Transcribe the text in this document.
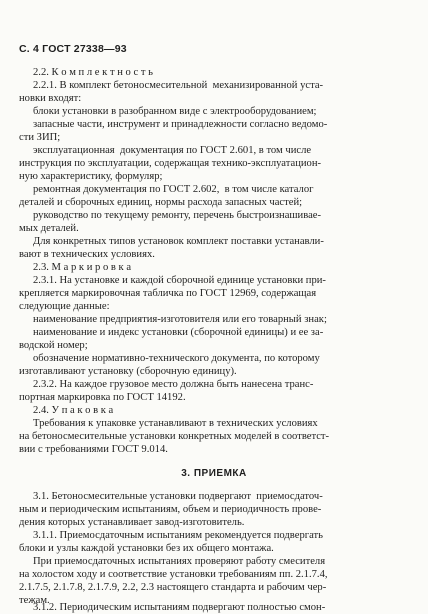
С. 4 ГОСТ 27338—93
2.2. К о м п л е к т н о с т ь
2.2.1. В комплект бетоносмесительной  механизированной уста-
новки входят:
блоки установки в разобранном виде с электрооборудованием;
запасные части, инструмент и принадлежности согласно ведомо-
сти ЗИП;
эксплуатационная  документация по ГОСТ 2.601, в том числе
инструкция по эксплуатации, содержащая технико-эксплуатацион-
ную характеристику, формуляр;
ремонтная документация по ГОСТ 2.602,  в том числе каталог
деталей и сборочных единиц, нормы расхода запасных частей;
руководство по текущему ремонту, перечень быстроизнашивае-
мых деталей.
Для конкретных типов установок комплект поставки устанавли-
вают в технических условиях.
2.3. М а р к и р о в к а
2.3.1. На установке и каждой сборочной единице установки при-
крепляется маркировочная табличка по ГОСТ 12969, содержащая
следующие данные:
наименование предприятия-изготовителя или его товарный знак;
наименование и индекс установки (сборочной единицы) и ее за-
водской номер;
обозначение нормативно-технического документа, по которому
изготавливают установку (сборочную единицу).
2.3.2. На каждое грузовое место должна быть нанесена транс-
портная маркировка по ГОСТ 14192.
2.4. У п а к о в к а
Требования к упаковке устанавливают в технических условиях
на бетоносмесительные установки конкретных моделей в соответст-
вии с требованиями ГОСТ 9.014.
3. ПРИЕМКА
3.1. Бетоносмесительные установки подвергают  приемосдаточ-
ным и периодическим испытаниям, объем и периодичность прове-
дения которых устанавливает завод-изготовитель.
3.1.1. Приемосдаточным испытаниям рекомендуется подвергать
блоки и узлы каждой установки без их общего монтажа.
При приемосдаточных испытаниях проверяют работу смесителя
на холостом ходу и соответствие установки требованиям пп. 2.1.7.4,
2.1.7.5, 2.1.7.8, 2.1.7.9, 2.2, 2.3 настоящего стандарта и рабочим чер-
тежам.
3.1.2. Периодическим испытаниям подвергают полностью смон-
